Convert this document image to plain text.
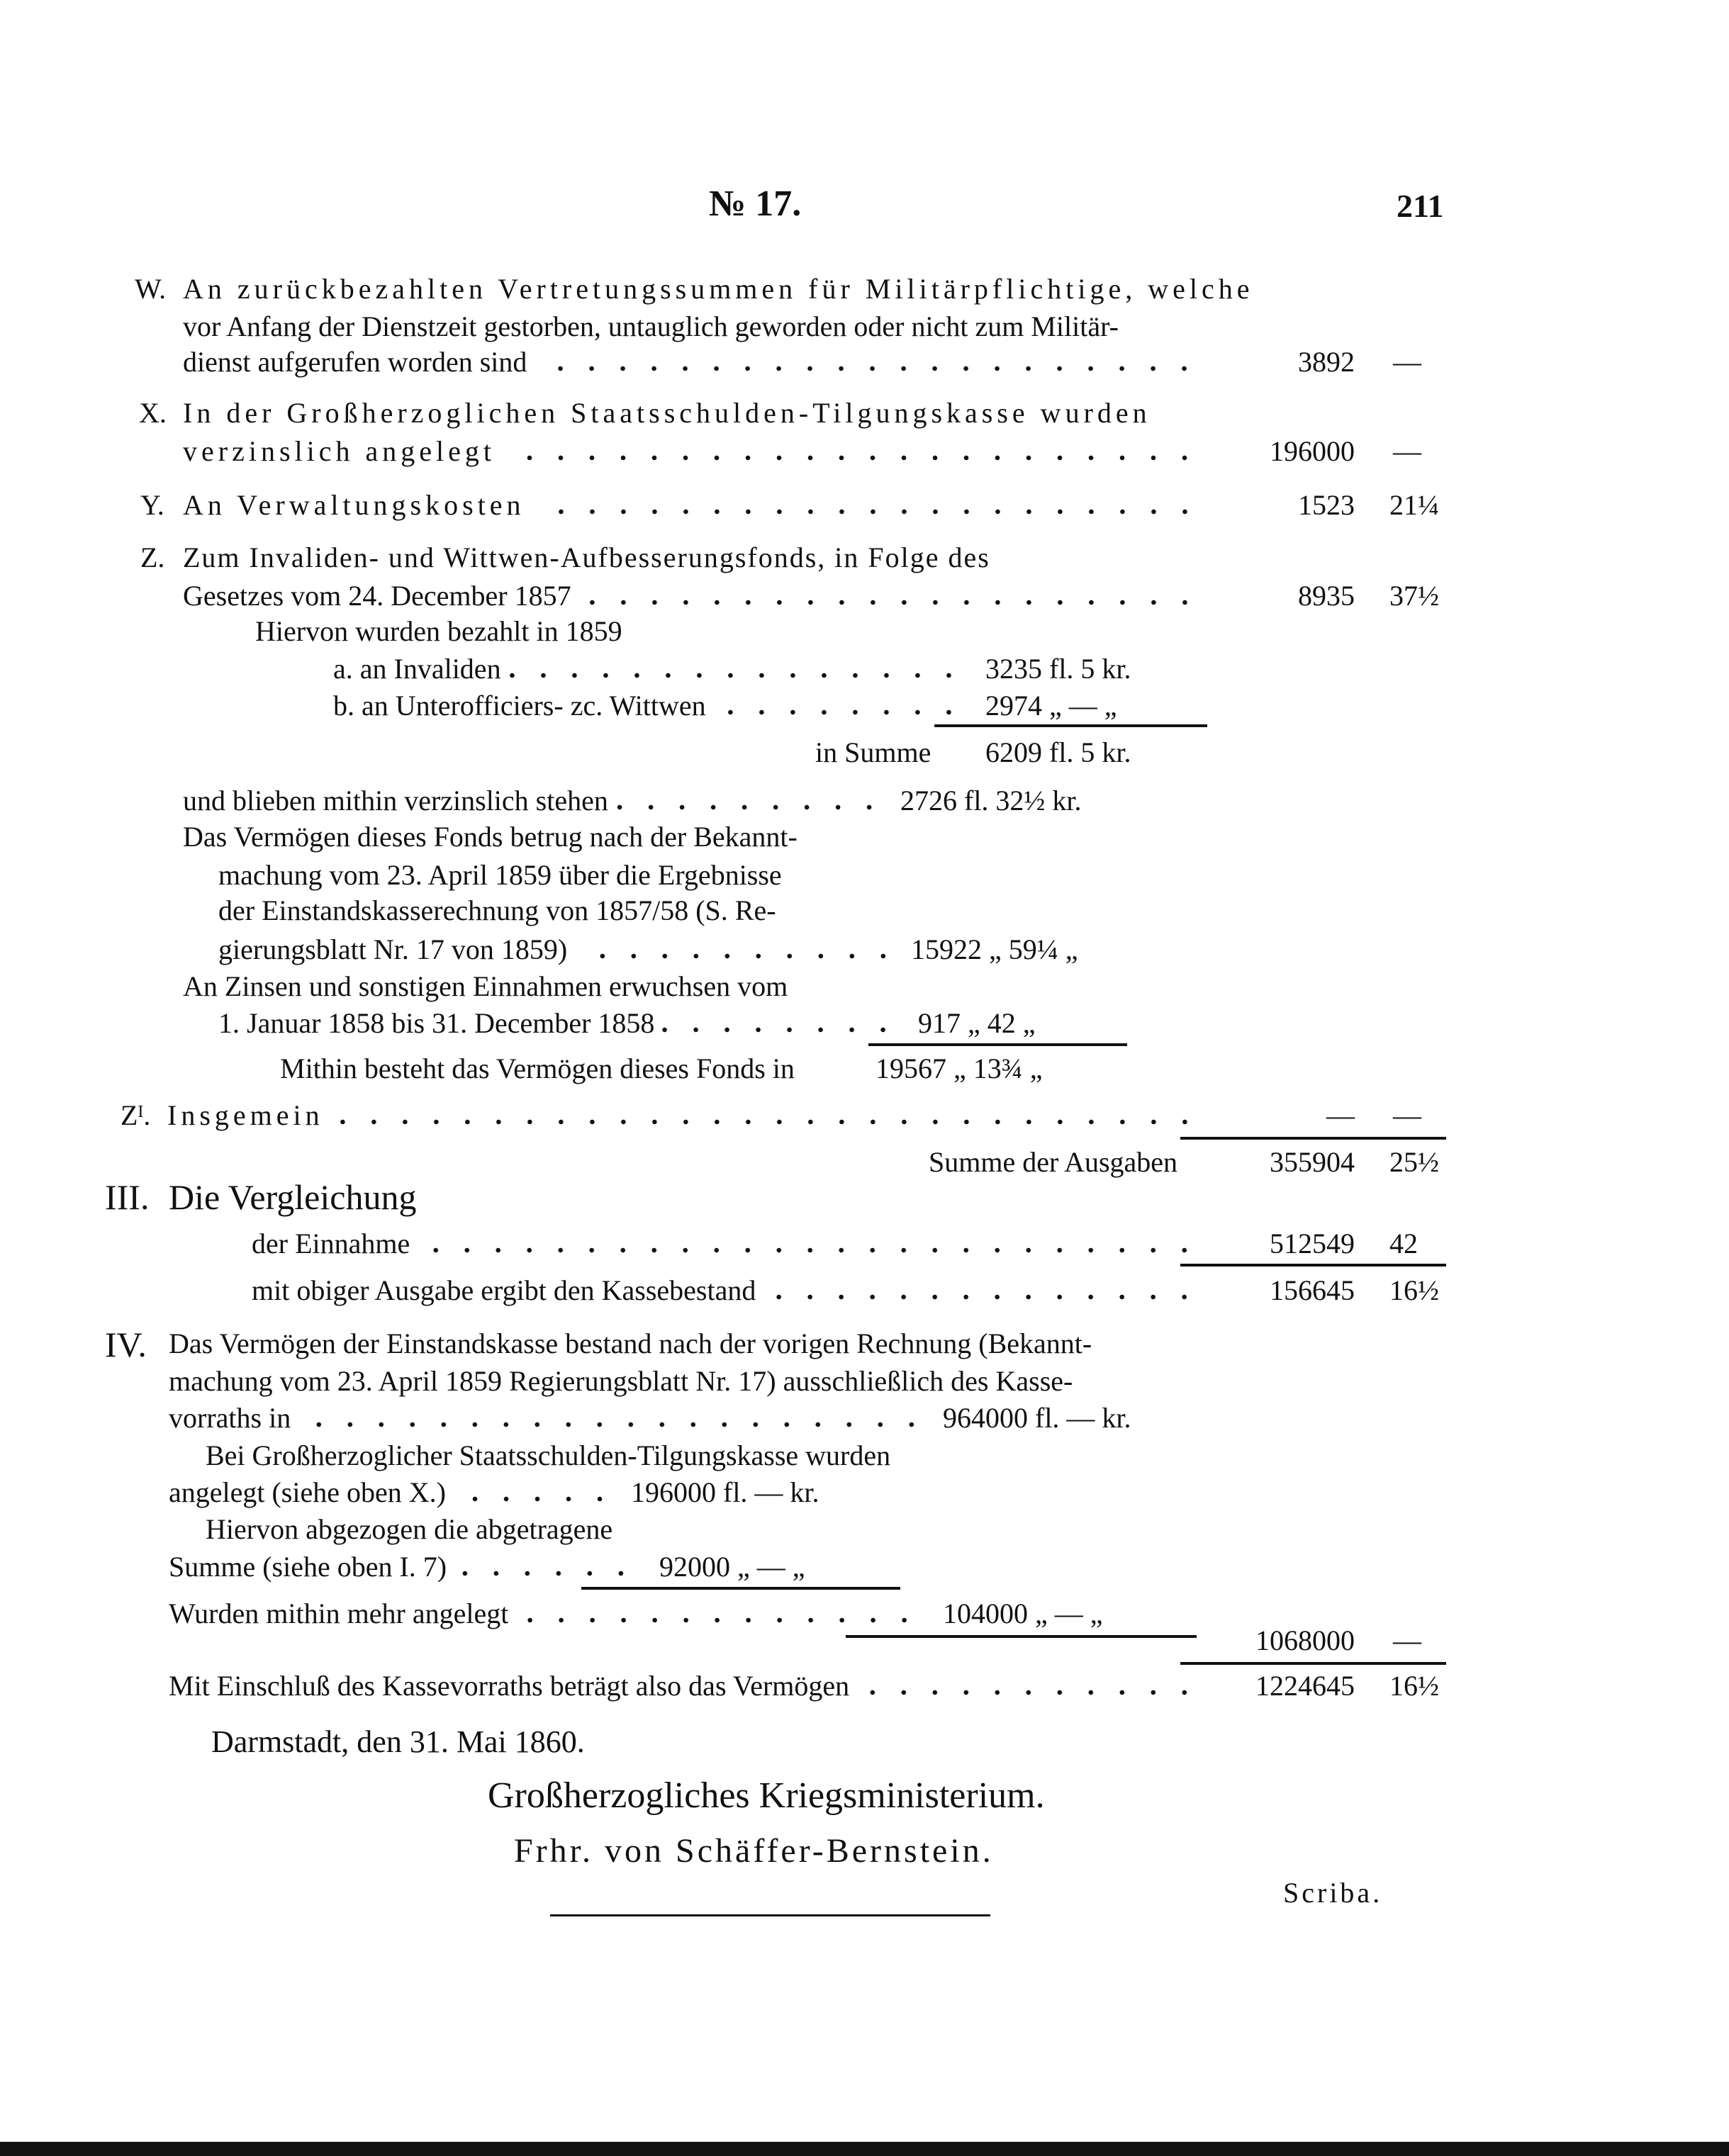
№ 17.	211
W. An zurückbezahlten Vertretungssummen für Militärpflichtige, welche
vor Anfang der Dienstzeit gestorben, untauglich geworden oder nicht zum Militär-
dienst aufgerufen worden sind	3892 —
X. In der Großherzoglichen Staatsschulden-Tilgungskasse wurden
verzinslich angelegt	196000 —
Y. An Verwaltungskosten	1523 21¼
Z. Zum Invaliden- und Wittwen-Aufbesserungsfonds, in Folge des
Gesetzes vom 24. December 1857	8935 37½
Hiervon wurden bezahlt in 1859
a. an Invaliden	3235 fl. 5 kr.
b. an Unterofficiers- zc. Wittwen	2974 „ — „
in Summe 6209 fl. 5 kr.
und blieben mithin verzinslich stehen	2726 fl. 32½ kr.
Das Vermögen dieses Fonds betrug nach der Bekannt-
machung vom 23. April 1859 über die Ergebnisse
der Einstandskasserechnung von 1857/58 (S. Re-
gierungsblatt Nr. 17 von 1859)	15922 „ 59¼ „
An Zinsen und sonstigen Einnahmen erwuchsen vom
1. Januar 1858 bis 31. December 1858	917 „ 42 „
Mithin besteht das Vermögen dieses Fonds in	19567 „ 13¾ „
Zᴵ. Insgemein	— —
Summe der Ausgaben	355904 25½
III. Die Vergleichung
der Einnahme	512549 42
mit obiger Ausgabe ergibt den Kassebestand	156645 16½
IV. Das Vermögen der Einstandskasse bestand nach der vorigen Rechnung (Bekannt-
machung vom 23. April 1859 Regierungsblatt Nr. 17) ausschließlich des Kasse-
vorraths in	964000 fl. — kr.
Bei Großherzoglicher Staatsschulden-Tilgungskasse wurden
angelegt (siehe oben X.)	196000 fl. — kr.
Hiervon abgezogen die abgetragene
Summe (siehe oben I. 7)	92000 „ — „
Wurden mithin mehr angelegt	104000 „ — „
1068000 —
Mit Einschluß des Kassevorraths beträgt also das Vermögen	1224645 16½
Darmstadt, den 31. Mai 1860.
Großherzogliches Kriegsministerium.
Frhr. von Schäffer-Bernstein.
Scriba.
